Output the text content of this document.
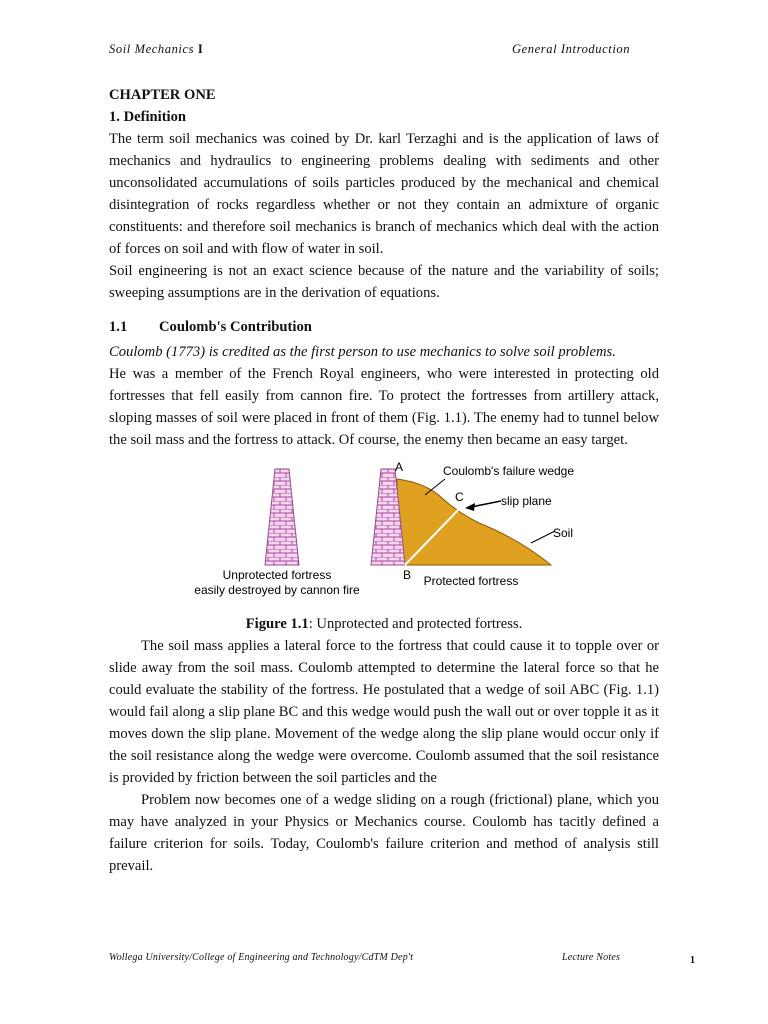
Soil Mechanics I	General Introduction

CHAPTER ONE

1. Definition

The term soil mechanics was coined by Dr. karl Terzaghi and is the application of laws of mechanics and hydraulics to engineering problems dealing with sediments and other unconsolidated accumulations of soils particles produced by the mechanical and chemical disintegration of rocks regardless whether or not they contain an admixture of organic constituents: and therefore soil mechanics is branch of mechanics which deal with the action of forces on soil and with flow of water in soil.

Soil engineering is not an exact science because of the nature and the variability of soils; sweeping assumptions are in the derivation of equations.

1.1 Coulomb's Contribution

Coulomb (1773) is credited as the first person to use mechanics to solve soil problems.

He was a member of the French Royal engineers, who were interested in protecting old fortresses that fell easily from cannon fire. To protect the fortresses from artillery attack, sloping masses of soil were placed in front of them (Fig. 1.1). The enemy had to tunnel below the soil mass and the fortress to attack. Of course, the enemy then became an easy target.

A
B
C
Coulomb's failure wedge
slip plane
Soil
Unprotected fortress
easily destroyed by cannon fire
Protected fortress

Figure 1.1: Unprotected and protected fortress.

The soil mass applies a lateral force to the fortress that could cause it to topple over or slide away from the soil mass. Coulomb attempted to determine the lateral force so that he could evaluate the stability of the fortress. He postulated that a wedge of soil ABC (Fig. 1.1) would fail along a slip plane BC and this wedge would push the wall out or over topple it as it moves down the slip plane. Movement of the wedge along the slip plane would occur only if the soil resistance along the wedge were overcome. Coulomb assumed that the soil resistance is provided by friction between the soil particles and the

Problem now becomes one of a wedge sliding on a rough (frictional) plane, which you may have analyzed in your Physics or Mechanics course. Coulomb has tacitly defined a failure criterion for soils. Today, Coulomb's failure criterion and method of analysis still prevail.

Wollega University/College of Engineering and Technology/CdTM Dep't	Lecture Notes	1
